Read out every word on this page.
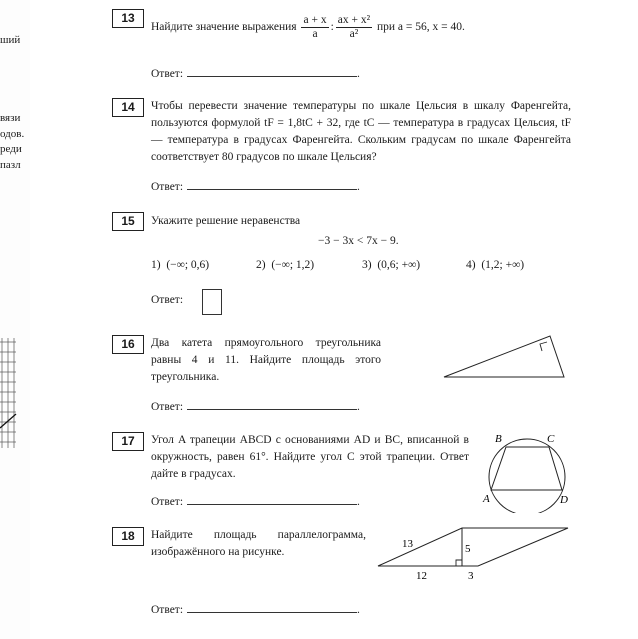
ший
вязи
одов.
реди
пазл
13
Найдите значение выражения $\frac{a + x}{a}$ : $\frac{\text{ax + x²}}{\text{a²}}$ при a = 56, x = 40.
Ответ:	.
14	Чтобы перевести значение температуры по шкале Цельсия в шкалу Фаренгейта, пользуются формулой tF = 1,8tC + 32, где tC — температура в градусах Цельсия, tF — температура в градусах Фаренгейта. Скольким градусам по шкале Фаренгейта соответствует 80 градусов по шкале Цельсия?
Ответ:	.
15	Укажите решение неравенства
−3 − 3x < 7x − 9.
1) (−∞; 0,6)	2) (−∞; 1,2)	3) (0,6; +∞)	4) (1,2; +∞)
Ответ:
16	Два катета прямоугольного треугольника равны 4 и 11. Найдите площадь этого треугольника.
Ответ:	.
17	Угол A трапеции ABCD с основаниями AD и BC, вписанной в окружность, равен 61°. Найдите угол C этой трапеции. Ответ дайте в градусах.
B	C
A	D
Ответ:	.
18	Найдите площадь параллелограмма, изображённого на рисунке.
13	5
12	3
Ответ:	.
